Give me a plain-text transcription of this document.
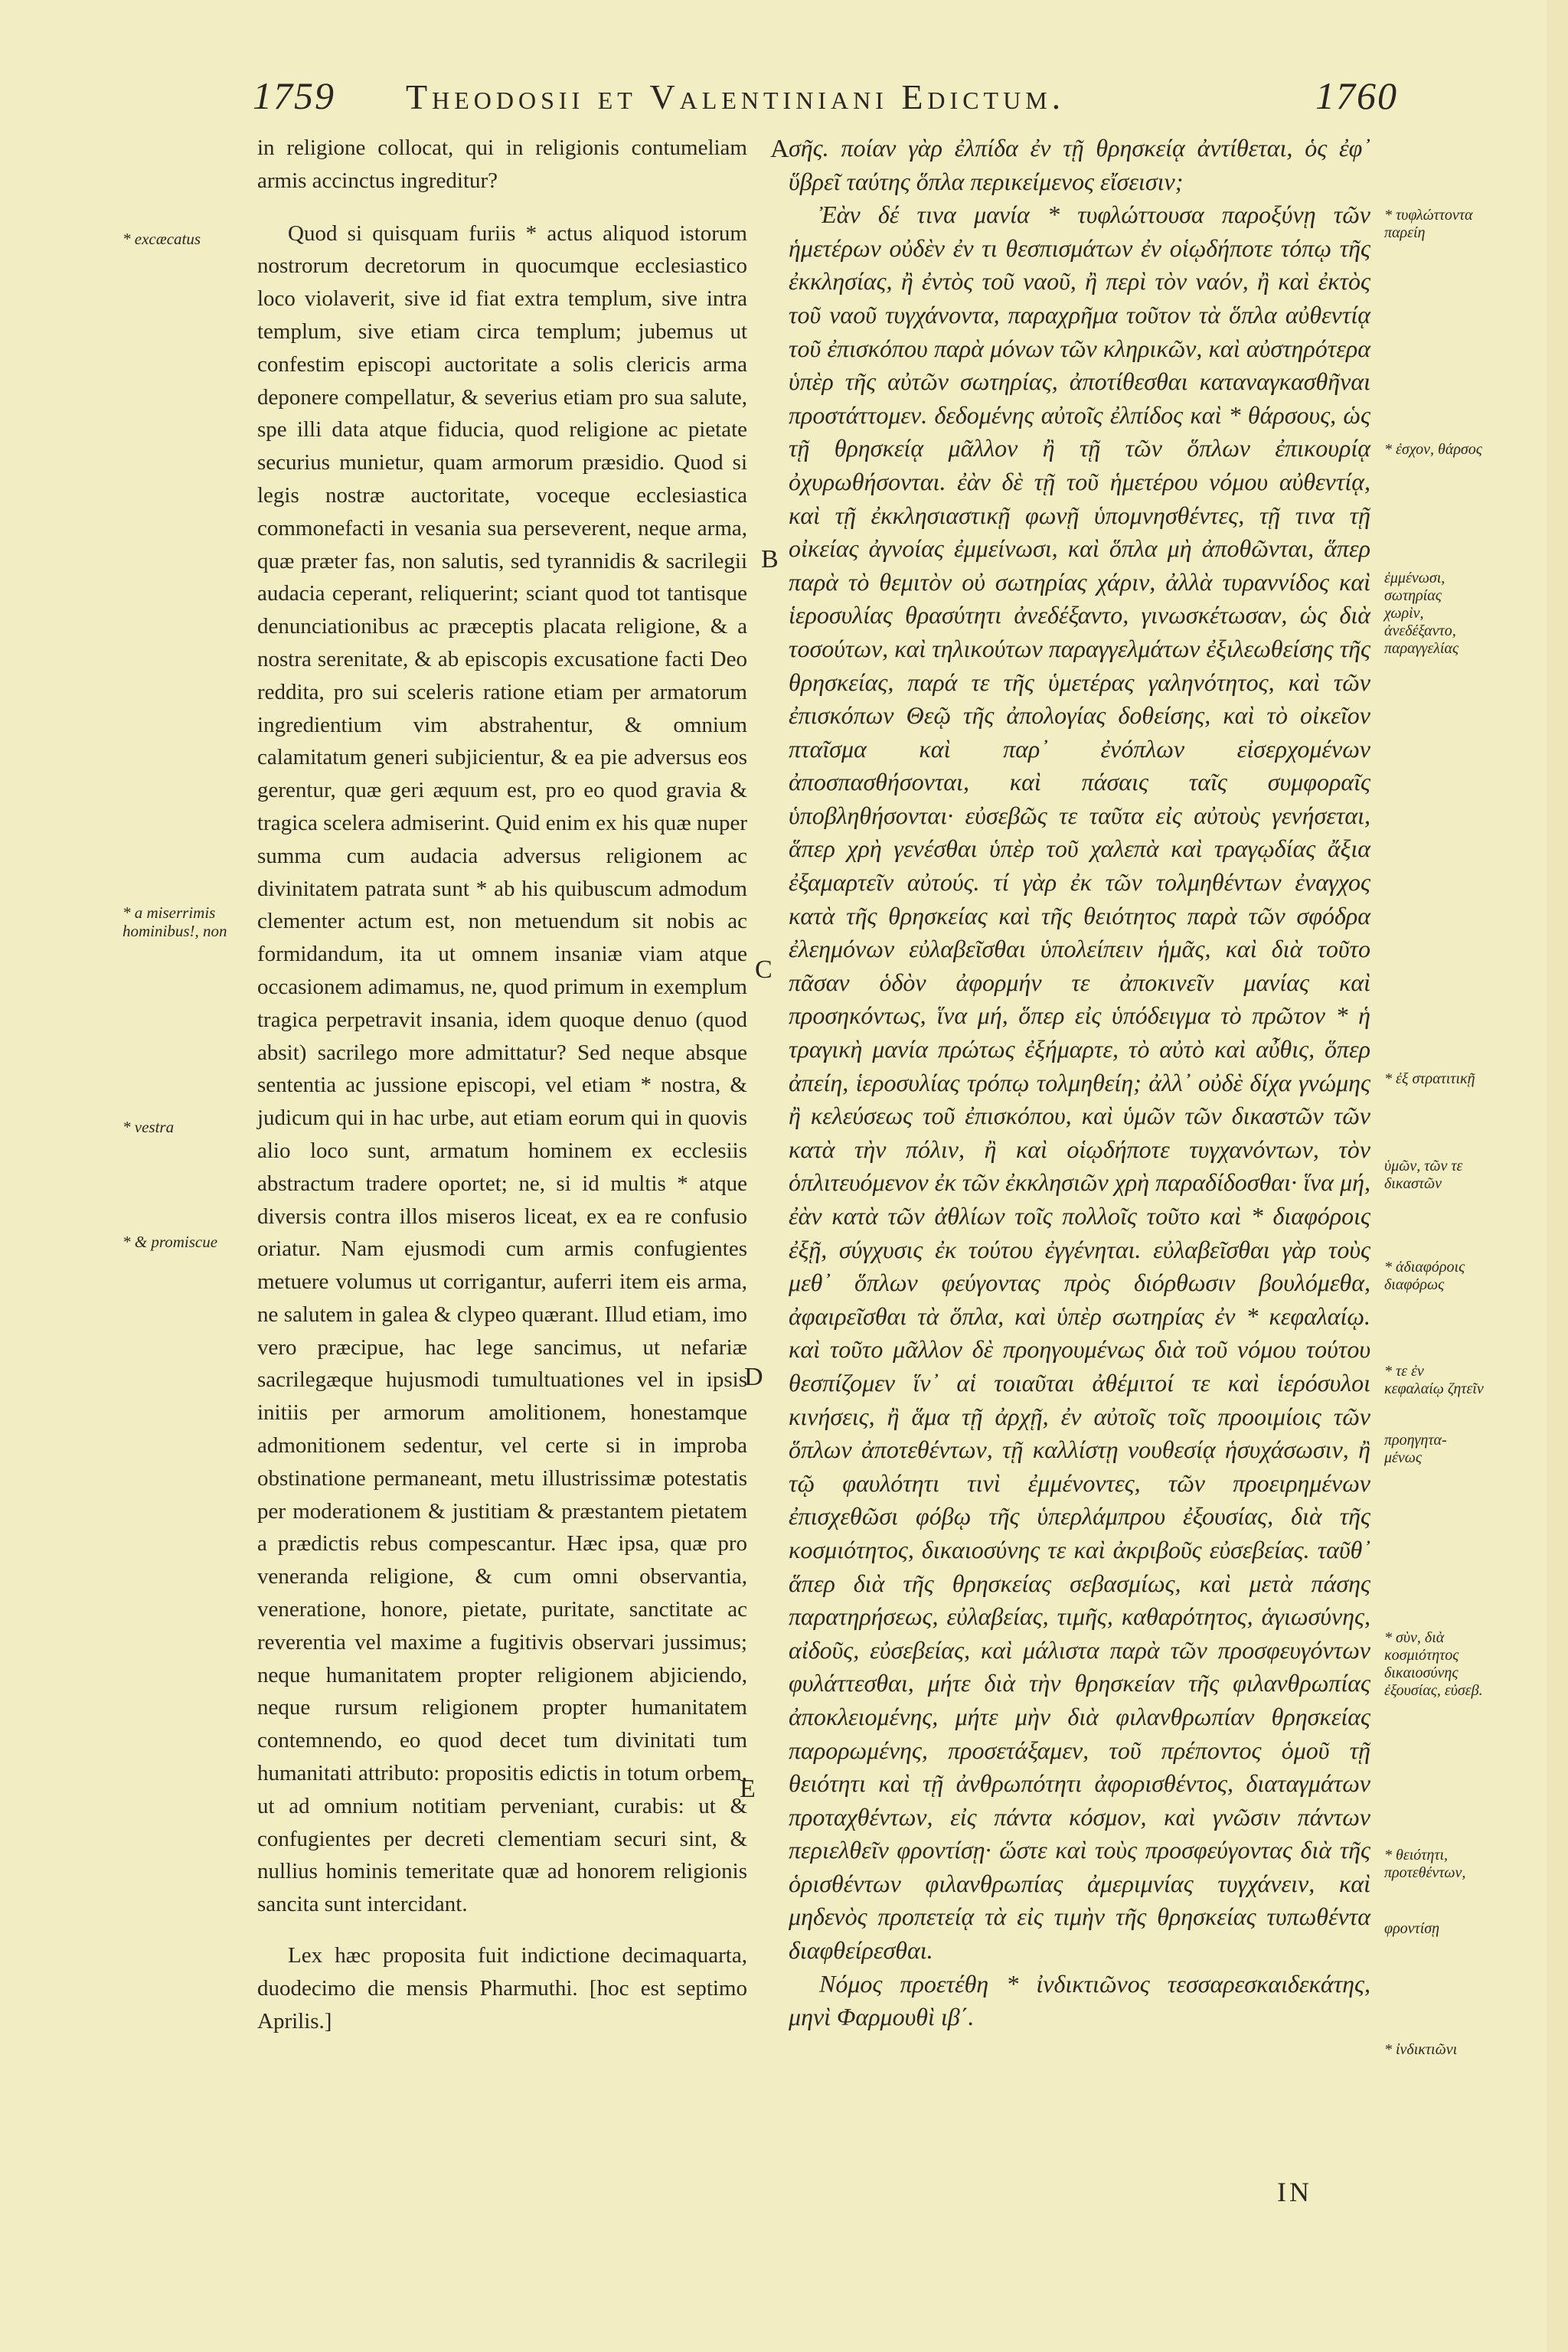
1759 Theodosii et Valentiniani Edictum.	1760
* excæcatus
* a miserrimis hominibus!, non
* vestra
* & promiscue

in religione collocat, qui in religionis contumeliam armis accinctus ingreditur?

Quod si quisquam furiis * actus aliquod istorum nostrorum decretorum in quocumque ecclesiastico loco violaverit, sive id fiat extra templum, sive intra templum, sive etiam circa templum; jubemus ut confestim episcopi auctoritate a solis clericis arma deponere compellatur, & severius etiam pro sua salute, spe illi data atque fiducia, quod religione ac pietate securius munietur, quam armorum præsidio. Quod si legis nostræ auctoritate, voceque ecclesiastica commonefacti in vesania sua perseverent, neque arma, quæ præter fas, non salutis, sed tyrannidis & sacrilegii audacia ceperant, reliquerint; sciant quod tot tantisque denunciationibus ac præceptis placata religione, & a nostra serenitate, & ab episcopis excusatione facti Deo reddita, pro sui sceleris ratione etiam per armatorum ingredientium vim abstrahentur, & omnium calamitatum generi subjicientur, & ea pie adversus eos gerentur, quæ geri æquum est, pro eo quod gravia & tragica scelera admiserint. Quid enim ex his quæ nuper summa cum audacia adversus religionem ac divinitatem patrata sunt * ab his quibuscum admodum clementer actum est, non metuendum sit nobis ac formidandum, ita ut omnem insaniæ viam atque occasionem adimamus, ne, quod primum in exemplum tragica perpetravit insania, idem quoque denuo (quod absit) sacrilego more admittatur? Sed neque absque sententia ac jussione episcopi, vel etiam * nostra, & judicum qui in hac urbe, aut etiam eorum qui in quovis alio loco sunt, armatum hominem ex ecclesiis abstractum tradere oportet; ne, si id multis * atque diversis contra illos miseros liceat, ex ea re confusio oriatur. Nam ejusmodi cum armis confugientes metuere volumus ut corrigantur, auferri item eis arma, ne salutem in galea & clypeo quærant. Illud etiam, imo vero præcipue, hac lege sancimus, ut nefariæ sacrilegæque hujusmodi tumultuationes vel in ipsis initiis per armorum amolitionem, honestamque admonitionem sedentur, vel certe si in improba obstinatione permaneant, metu illustrissimæ potestatis per moderationem & justitiam & præstantem pietatem a prædictis rebus compescantur. Hæc ipsa, quæ pro veneranda religione, & cum omni observantia, veneratione, honore, pietate, puritate, sanctitate ac reverentia vel maxime a fugitivis observari jussimus; neque humanitatem propter religionem abjiciendo, neque rursum religionem propter humanitatem contemnendo, eo quod decet tum divinitati tum humanitati attributo: propositis edictis in totum orbem, ut ad omnium notitiam perveniant, curabis: ut & confugientes per decreti clementiam securi sint, & nullius hominis temeritate quæ ad honorem religionis sancita sunt intercidant.

Lex hæc proposita fuit indictione decimaquarta, duodecimo die mensis Pharmuthi. [hoc est septimo Aprilis.]

A
B
C
D
E

σῆς. ποίαν γὰρ ἐλπίδα ἐν τῇ θρησκείᾳ ἀντίθεται, ὁς ἐφ᾽ ὕβρεῖ ταύτης ὅπλα περικείμενος εἴσεισιν;

Ἐὰν δέ τινα μανία * τυφλώττουσα παροξύνῃ τῶν ἡμετέρων οὐδὲν ἐν τι θεσπισμάτων ἐν οἱῳδήποτε τόπῳ τῆς ἐκκλησίας, ἢ ἐντὸς τοῦ ναοῦ, ἢ περὶ τὸν ναόν, ἢ καὶ ἐκτὸς τοῦ ναοῦ τυγχάνοντα, παραχρῆμα τοῦτον τὰ ὅπλα αὐθεντίᾳ τοῦ ἐπισκόπου παρὰ μόνων τῶν κληρικῶν, καὶ αὐστηρότερα ὑπὲρ τῆς αὐτῶν σωτηρίας, ἀποτίθεσθαι καταναγκασθῆναι προστάττομεν. δεδομένης αὐτοῖς ἐλπίδος καὶ * θάρσους, ὡς τῇ θρησκείᾳ μᾶλλον ἢ τῇ τῶν ὅπλων ἐπικουρίᾳ ὀχυρωθήσονται. ἐὰν δὲ τῇ τοῦ ἡμετέρου νόμου αὐθεντίᾳ, καὶ τῇ ἐκκλησιαστικῇ φωνῇ ὑπομνησθέντες, τῇ τινα τῇ οἰκείας ἀγνοίας ἐμμείνωσι, καὶ ὅπλα μὴ ἀποθῶνται, ἅπερ παρὰ τὸ θεμιτὸν οὐ σωτηρίας χάριν, ἀλλὰ τυραννίδος καὶ ἱεροσυλίας θρασύτητι ἀνεδέξαντο, γινωσκέτωσαν, ὡς διὰ τοσούτων, καὶ τηλικούτων παραγγελμάτων ἐξιλεωθείσης τῆς θρησκείας, παρά τε τῆς ὑμετέρας γαληνότητος, καὶ τῶν ἐπισκόπων Θεῷ τῆς ἀπολογίας δοθείσης, καὶ τὸ οἰκεῖον πταῖσμα καὶ παρ᾽ ἐνόπλων εἰσερχομένων ἀποσπασθήσονται, καὶ πάσαις ταῖς συμφοραῖς ὑποβληθήσονται· εὐσεβῶς τε ταῦτα εἰς αὐτοὺς γενήσεται, ἅπερ χρὴ γενέσθαι ὑπὲρ τοῦ χαλεπὰ καὶ τραγῳδίας ἄξια ἐξαμαρτεῖν αὐτούς. τί γὰρ ἐκ τῶν τολμηθέντων ἐναγχος κατὰ τῆς θρησκείας καὶ τῆς θειότητος παρὰ τῶν σφόδρα ἐλεημόνων εὐλαβεῖσθαι ὑπολείπειν ἡμᾶς, καὶ διὰ τοῦτο πᾶσαν ὁδὸν ἀφορμήν τε ἀποκινεῖν μανίας καὶ προσηκόντως, ἵνα μή, ὅπερ εἰς ὑπόδειγμα τὸ πρῶτον * ἡ τραγικὴ μανία πρώτως ἐξήμαρτε, τὸ αὐτὸ καὶ αὖθις, ὅπερ ἀπείη, ἱεροσυλίας τρόπῳ τολμηθείη; ἀλλ᾽ οὐδὲ δίχα γνώμης ἢ κελεύσεως τοῦ ἐπισκόπου, καὶ ὑμῶν τῶν δικαστῶν τῶν κατὰ τὴν πόλιν, ἢ καὶ οἱῳδήποτε τυγχανόντων, τὸν ὁπλιτευόμενον ἐκ τῶν ἐκκλησιῶν χρὴ παραδίδοσθαι· ἵνα μή, ἐὰν κατὰ τῶν ἀθλίων τοῖς πολλοῖς τοῦτο καὶ * διαφόροις ἐξῇ, σύγχυσις ἐκ τούτου ἐγγένηται. εὐλαβεῖσθαι γὰρ τοὺς μεθ᾽ ὅπλων φεύγοντας πρὸς διόρθωσιν βουλόμεθα, ἀφαιρεῖσθαι τὰ ὅπλα, καὶ ὑπὲρ σωτηρίας ἐν * κεφαλαίῳ. καὶ τοῦτο μᾶλλον δὲ προηγουμένως διὰ τοῦ νόμου τούτου θεσπίζομεν ἵν᾽ αἱ τοιαῦται ἀθέμιτοί τε καὶ ἱερόσυλοι κινήσεις, ἢ ἅμα τῇ ἀρχῇ, ἐν αὐτοῖς τοῖς προοιμίοις τῶν ὅπλων ἀποτεθέντων, τῇ καλλίστῃ νουθεσίᾳ ἡσυχάσωσιν, ἢ τῷ φαυλότητι τινὶ ἐμμένοντες, τῶν προειρημένων ἐπισχεθῶσι φόβῳ τῆς ὑπερλάμπρου ἐξουσίας, διὰ τῆς κοσμιότητος, δικαιοσύνης τε καὶ ἀκριβοῦς εὐσεβείας. ταῦθ᾽ ἅπερ διὰ τῆς θρησκείας σεβασμίως, καὶ μετὰ πάσης παρατηρήσεως, εὐλαβείας, τιμῆς, καθαρότητος, ἁγιωσύνης, αἰδοῦς, εὐσεβείας, καὶ μάλιστα παρὰ τῶν προσφευγόντων φυλάττεσθαι, μήτε διὰ τὴν θρησκείαν τῆς φιλανθρωπίας ἀποκλειομένης, μήτε μὴν διὰ φιλανθρωπίαν θρησκείας παρορωμένης, προσετάξαμεν, τοῦ πρέποντος ὁμοῦ τῇ θειότητι καὶ τῇ ἀνθρωπότητι ἀφορισθέντος, διαταγμάτων προταχθέντων, εἰς πάντα κόσμον, καὶ γνῶσιν πάντων περιελθεῖν φροντίσῃ· ὥστε καὶ τοὺς προσφεύγοντας διὰ τῆς ὁρισθέντων φιλανθρωπίας ἀμεριμνίας τυγχάνειν, καὶ μηδενὸς προπετείᾳ τὰ εἰς τιμὴν τῆς θρησκείας τυπωθέντα διαφθείρεσθαι.

Νόμος προετέθη * ἰνδικτιῶνος τεσσαρεσκαιδεκάτης, μηνὶ Φαρμουθὶ ιβ΄.

* τυφλώττοντα παρείη
* ἐσχον, θάρσος
ἐμμένωσι, σωτηρίας χωρὶν, ἀνεδέξαντο, παραγγελίας
* ἐξ στρατιτικῇ
ὑμῶν, τῶν τε δικαστῶν
* ἀδιαφόροις διαφόρως
* τε ἐν κεφαλαίῳ ζητεῖν
προηγητα-μένως
* σὺν, διὰ κοσμιότητος δικαιοσύνης ἐξουσίας, εὐσεβ.
* θειότητι, προτεθέντων,
φροντίσῃ
* ἰνδικτιῶνι
IN
